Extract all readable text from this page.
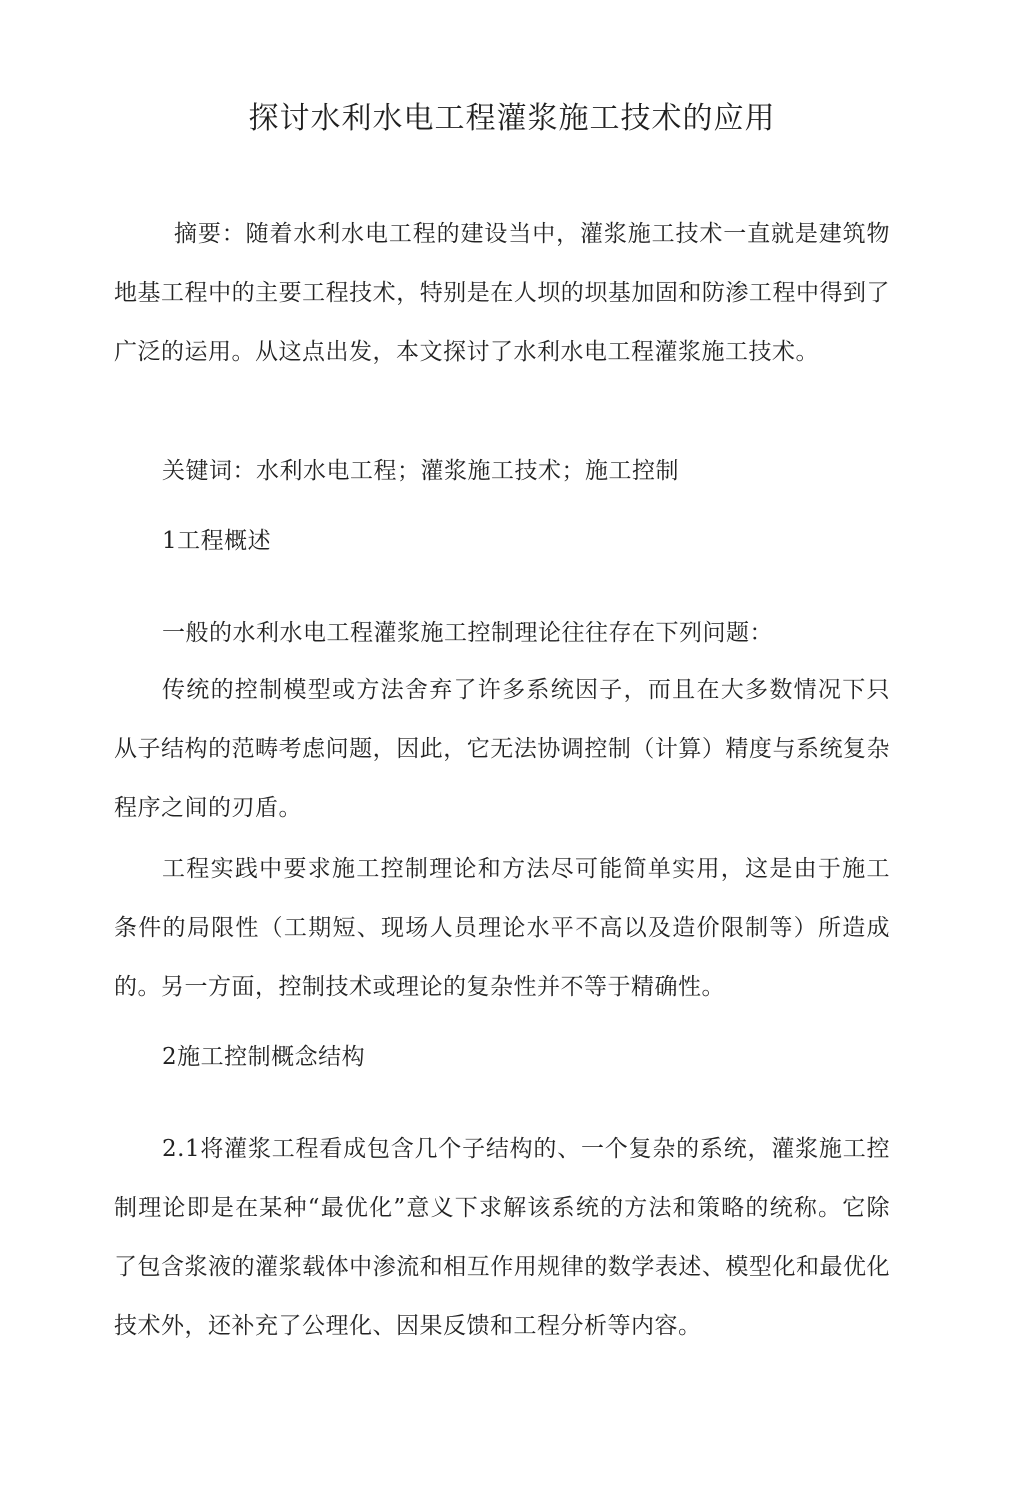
探讨水利水电工程灌浆施工技术的应用
摘要：随着水利水电工程的建设当中，灌浆施工技术一直就是建筑物地基工程中的主要工程技术，特别是在人坝的坝基加固和防渗工程中得到了广泛的运用。从这点出发，本文探讨了水利水电工程灌浆施工技术。
关键词：水利水电工程；灌浆施工技术；施工控制
1工程概述
一般的水利水电工程灌浆施工控制理论往往存在下列问题：
传统的控制模型或方法舍弃了许多系统因子，而且在大多数情况下只从子结构的范畴考虑问题，因此，它无法协调控制（计算）精度与系统复杂程序之间的刃盾。
工程实践中要求施工控制理论和方法尽可能简单实用，这是由于施工条件的局限性（工期短、现场人员理论水平不高以及造价限制等）所造成的。另一方面，控制技术或理论的复杂性并不等于精确性。
2施工控制概念结构
2.1将灌浆工程看成包含几个子结构的、一个复杂的系统，灌浆施工控制理论即是在某种“最优化”意义下求解该系统的方法和策略的统称。它除了包含浆液的灌浆载体中渗流和相互作用规律的数学表述、模型化和最优化技术外，还补充了公理化、因果反馈和工程分析等内容。
